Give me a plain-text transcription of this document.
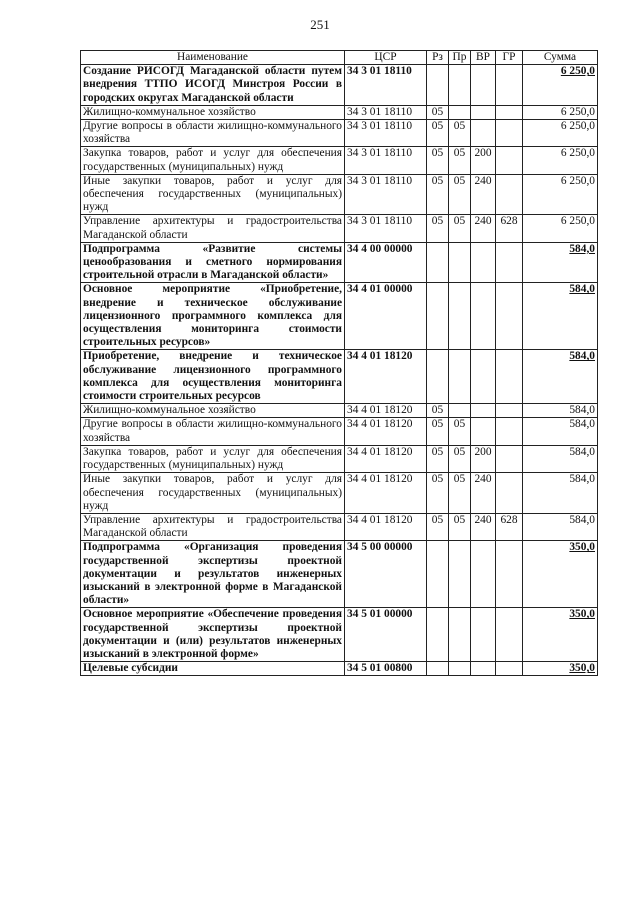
251
Наименование	ЦСР	Рз	Пр	ВР	ГР	Сумма
Создание РИСОГД Магаданской области путем внедрения ТТПО ИСОГД Минстроя России в городских округах Магаданской области	34 3 01 18110					6 250,0
Жилищно-коммунальное хозяйство	34 3 01 18110	05				6 250,0
Другие вопросы в области жилищно-коммунального хозяйства	34 3 01 18110	05	05			6 250,0
Закупка товаров, работ и услуг для обеспечения государственных (муниципальных) нужд	34 3 01 18110	05	05	200		6 250,0
Иные закупки товаров, работ и услуг для обеспечения государственных (муниципальных) нужд	34 3 01 18110	05	05	240		6 250,0
Управление архитектуры и градостроительства Магаданской области	34 3 01 18110	05	05	240	628	6 250,0
Подпрограмма «Развитие системы ценообразования и сметного нормирования строительной отрасли в Магаданской области»	34 4 00 00000					584,0
Основное мероприятие «Приобретение, внедрение и техническое обслуживание лицензионного программного комплекса для осуществления мониторинга стоимости строительных ресурсов»	34 4 01 00000					584,0
Приобретение, внедрение и техническое обслуживание лицензионного программного комплекса для осуществления мониторинга стоимости строительных ресурсов	34 4 01 18120					584,0
Жилищно-коммунальное хозяйство	34 4 01 18120	05				584,0
Другие вопросы в области жилищно-коммунального хозяйства	34 4 01 18120	05	05			584,0
Закупка товаров, работ и услуг для обеспечения государственных (муниципальных) нужд	34 4 01 18120	05	05	200		584,0
Иные закупки товаров, работ и услуг для обеспечения государственных (муниципальных) нужд	34 4 01 18120	05	05	240		584,0
Управление архитектуры и градостроительства Магаданской области	34 4 01 18120	05	05	240	628	584,0
Подпрограмма «Организация проведения государственной экспертизы проектной документации и результатов инженерных изысканий в электронной форме в Магаданской области»	34 5 00 00000					350,0
Основное мероприятие «Обеспечение проведения государственной экспертизы проектной документации и (или) результатов инженерных изысканий в электронной форме»	34 5 01 00000					350,0
Целевые субсидии	34 5 01 00800					350,0
